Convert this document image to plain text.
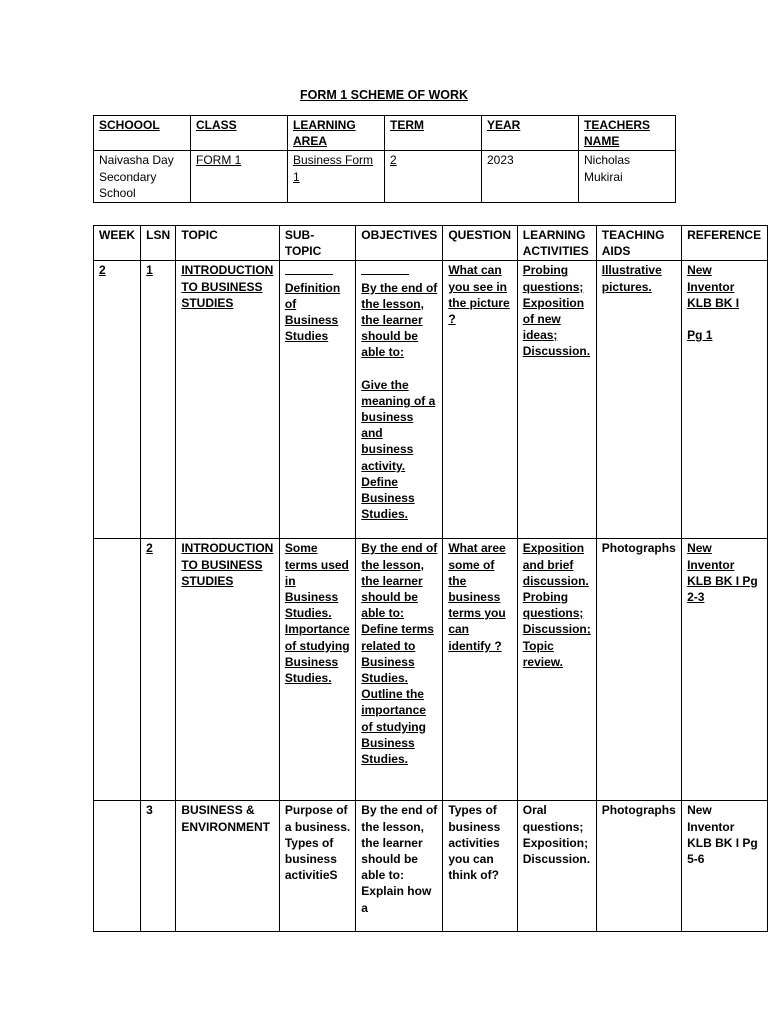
FORM 1 SCHEME OF WORK
SCHOOOL	CLASS	LEARNING AREA	TERM	YEAR	TEACHERS NAME
Naivasha Day Secondary School	FORM 1	Business Form 1	2	2023	Nicholas Mukirai
WEEK	LSN	TOPIC	SUB-TOPIC	OBJECTIVES	QUESTION	LEARNING ACTIVITIES	TEACHING AIDS	REFERENCE
2	1	INTRODUCTION TO BUSINESS STUDIES	Definition of Business Studies	By the end of the lesson, the learner should be able to:
Give the meaning of a business and business activity.
Define Business Studies.	What can you see in the picture ?	Probing questions;
Exposition of new ideas;
Discussion.	Illustrative pictures.	New Inventor KLB BK I
Pg 1
	2	INTRODUCTION TO BUSINESS STUDIES	Some terms used in Business Studies.
Importance of studying Business Studies.	By the end of the lesson, the learner should be able to:
Define terms related to Business Studies.
Outline the importance of studying Business Studies.	What aree some of the business terms you can identify ?	Exposition and brief discussion.
Probing questions;
Discussion;
Topic review.	Photographs	New Inventor KLB BK I Pg 2-3
	3	BUSINESS & ENVIRONMENT	Purpose of a business.
Types of business activitieS	By the end of the lesson, the learner should be able to:
Explain how a	Types of business activities you can think of?	Oral questions;
Exposition;
Discussion.	Photographs	New Inventor KLB BK I Pg 5-6
